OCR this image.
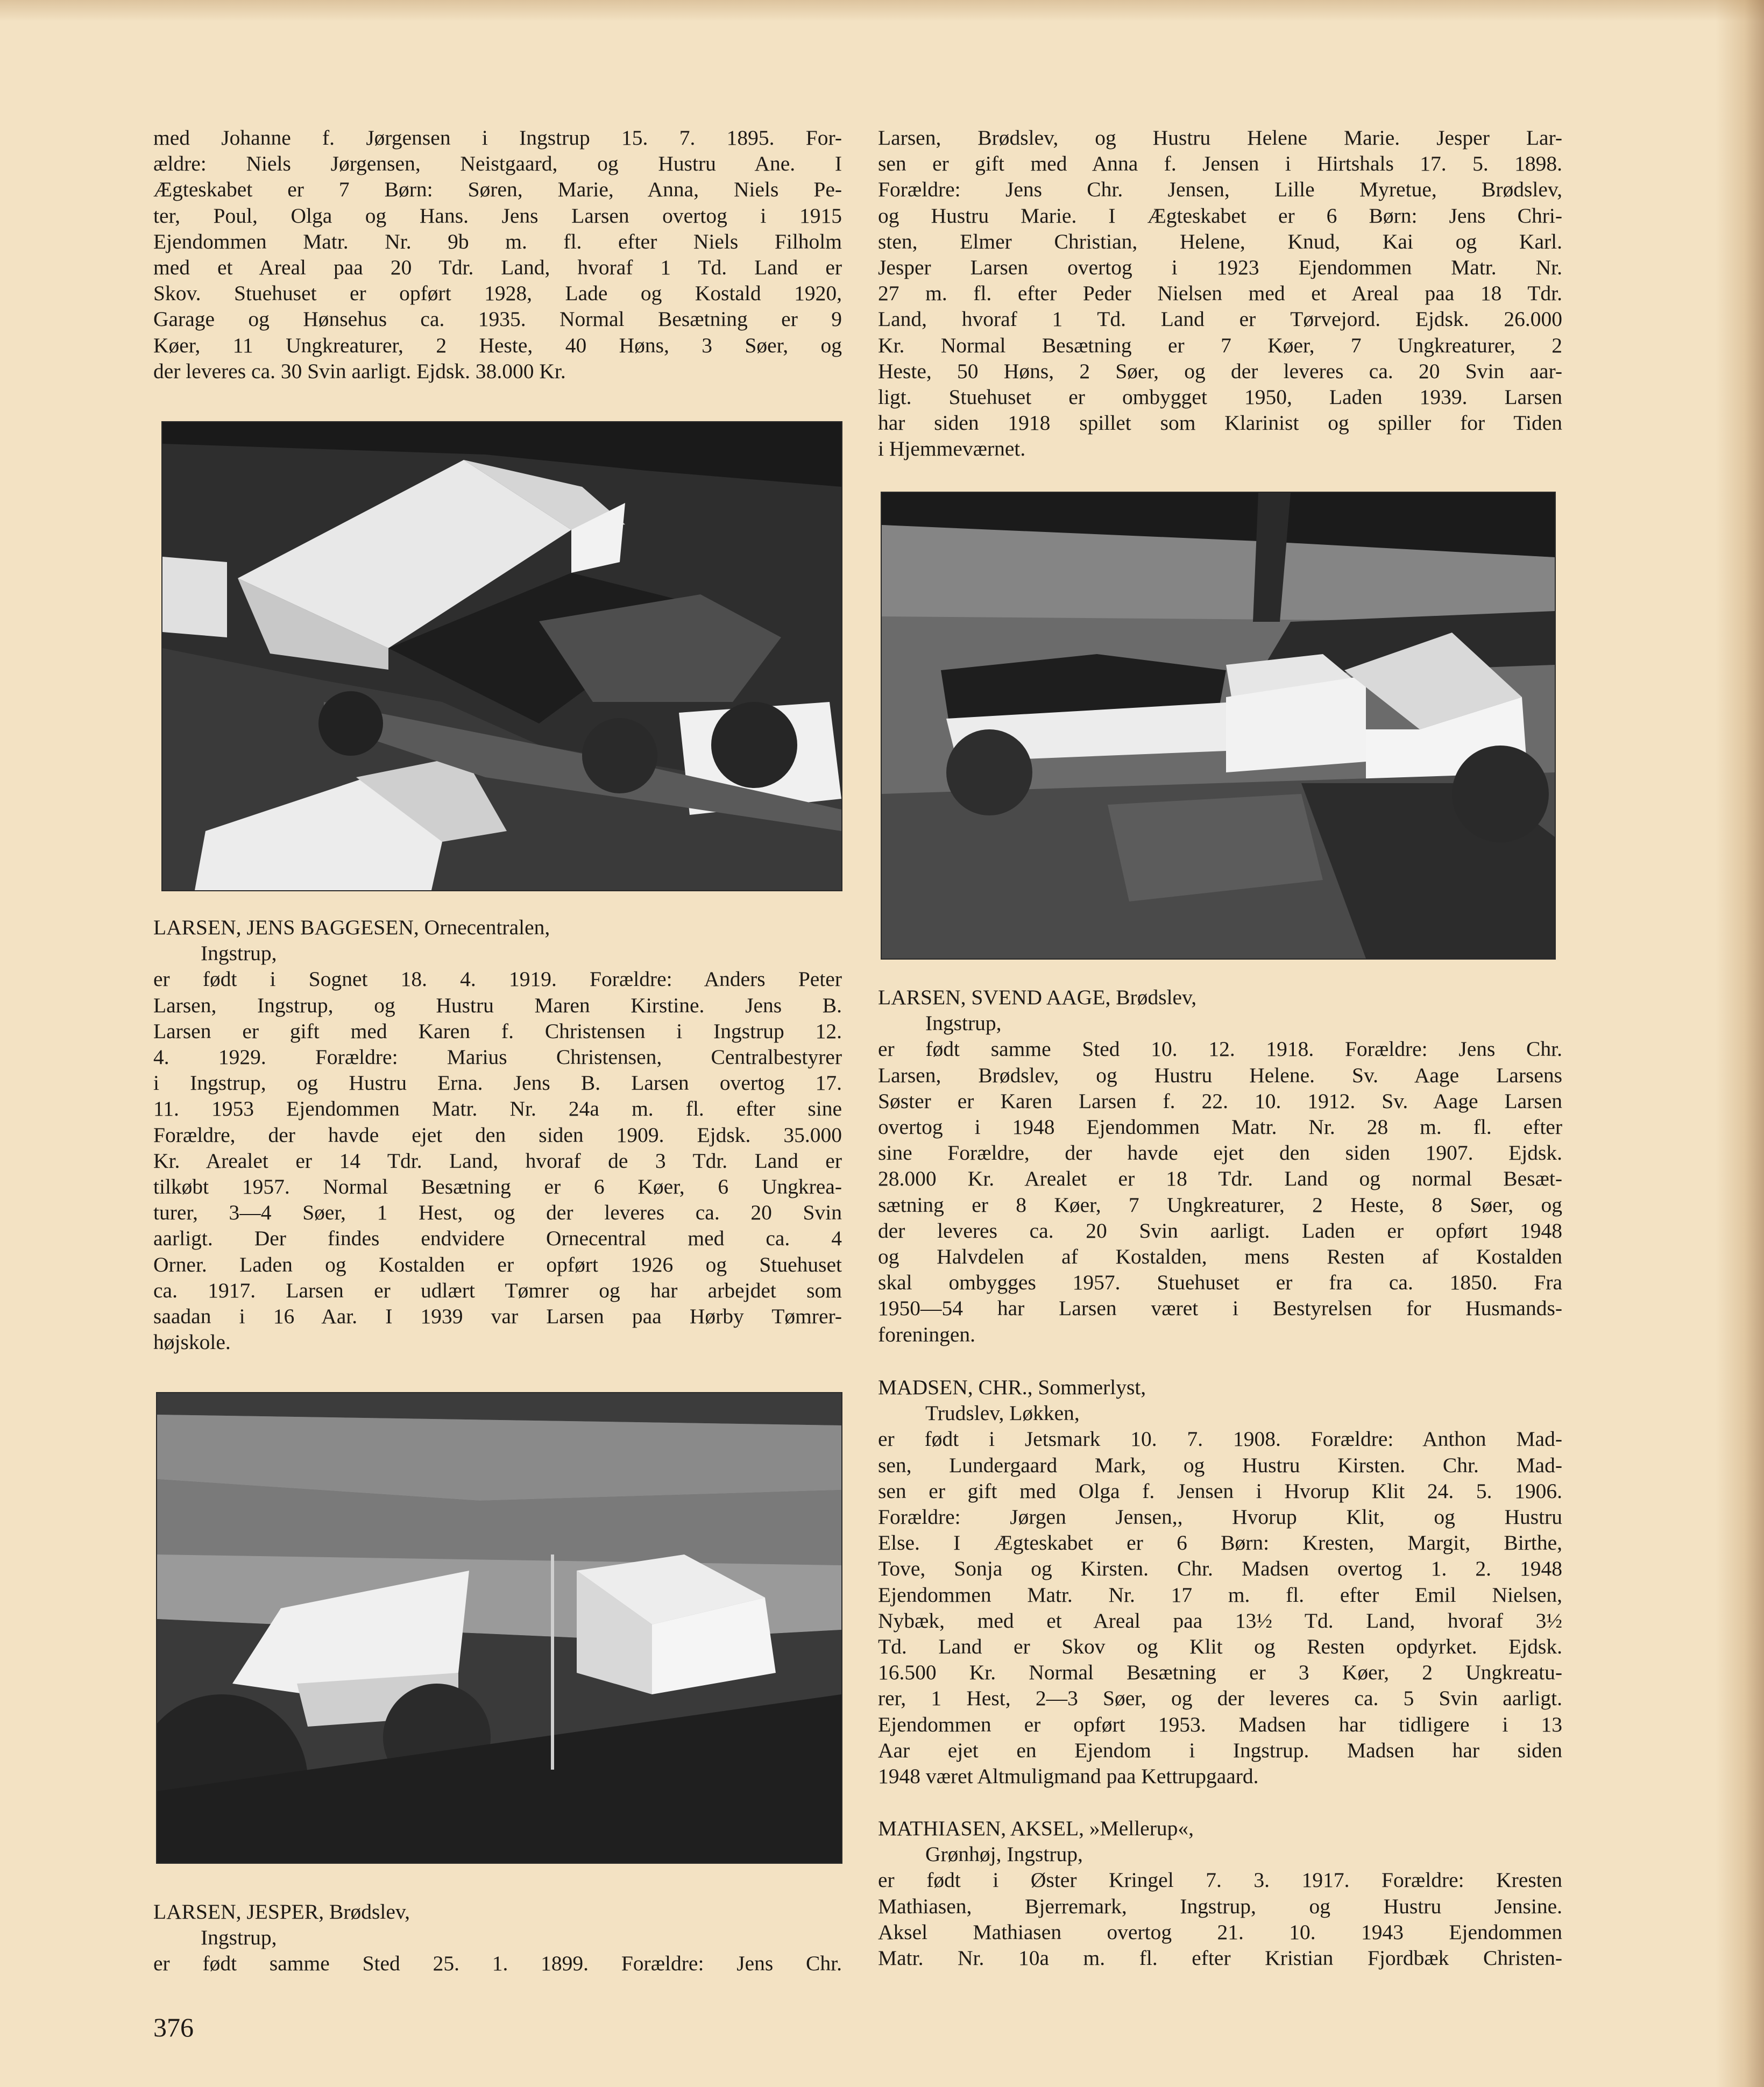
med Johanne f. Jørgensen i Ingstrup 15. 7. 1895. For-
ældre: Niels Jørgensen, Neistgaard, og Hustru Ane. I
Ægteskabet er 7 Børn: Søren, Marie, Anna, Niels Pe-
ter, Poul, Olga og Hans. Jens Larsen overtog i 1915
Ejendommen Matr. Nr. 9b m. fl. efter Niels Filholm
med et Areal paa 20 Tdr. Land, hvoraf 1 Td. Land er
Skov. Stuehuset er opført 1928, Lade og Kostald 1920,
Garage og Hønsehus ca. 1935. Normal Besætning er 9
Køer, 11 Ungkreaturer, 2 Heste, 40 Høns, 3 Søer, og
der leveres ca. 30 Svin aarligt. Ejdsk. 38.000 Kr.

LARSEN, JENS BAGGESEN, Ornecentralen,
Ingstrup,

er født i Sognet 18. 4. 1919. Forældre: Anders Peter
Larsen, Ingstrup, og Hustru Maren Kirstine. Jens B.
Larsen er gift med Karen f. Christensen i Ingstrup 12.
4. 1929. Forældre: Marius Christensen, Centralbestyrer
i Ingstrup, og Hustru Erna. Jens B. Larsen overtog 17.
11. 1953 Ejendommen Matr. Nr. 24a m. fl. efter sine
Forældre, der havde ejet den siden 1909. Ejdsk. 35.000
Kr. Arealet er 14 Tdr. Land, hvoraf de 3 Tdr. Land er
tilkøbt 1957. Normal Besætning er 6 Køer, 6 Ungkrea-
turer, 3—4 Søer, 1 Hest, og der leveres ca. 20 Svin
aarligt. Der findes endvidere Ornecentral med ca. 4
Orner. Laden og Kostalden er opført 1926 og Stuehuset
ca. 1917. Larsen er udlært Tømrer og har arbejdet som
saadan i 16 Aar. I 1939 var Larsen paa Hørby Tømrer-
højskole.

LARSEN, JESPER, Brødslev,
Ingstrup,

er født samme Sted 25. 1. 1899. Forældre: Jens Chr.

Larsen, Brødslev, og Hustru Helene Marie. Jesper Lar-
sen er gift med Anna f. Jensen i Hirtshals 17. 5. 1898.
Forældre: Jens Chr. Jensen, Lille Myretue, Brødslev,
og Hustru Marie. I Ægteskabet er 6 Børn: Jens Chri-
sten, Elmer Christian, Helene, Knud, Kai og Karl.
Jesper Larsen overtog i 1923 Ejendommen Matr. Nr.
27 m. fl. efter Peder Nielsen med et Areal paa 18 Tdr.
Land, hvoraf 1 Td. Land er Tørvejord. Ejdsk. 26.000
Kr. Normal Besætning er 7 Køer, 7 Ungkreaturer, 2
Heste, 50 Høns, 2 Søer, og der leveres ca. 20 Svin aar-
ligt. Stuehuset er ombygget 1950, Laden 1939. Larsen
har siden 1918 spillet som Klarinist og spiller for Tiden
i Hjemmeværnet.

LARSEN, SVEND AAGE, Brødslev,
Ingstrup,

er født samme Sted 10. 12. 1918. Forældre: Jens Chr.
Larsen, Brødslev, og Hustru Helene. Sv. Aage Larsens
Søster er Karen Larsen f. 22. 10. 1912. Sv. Aage Larsen
overtog i 1948 Ejendommen Matr. Nr. 28 m. fl. efter
sine Forældre, der havde ejet den siden 1907. Ejdsk.
28.000 Kr. Arealet er 18 Tdr. Land og normal Besæt-
sætning er 8 Køer, 7 Ungkreaturer, 2 Heste, 8 Søer, og
der leveres ca. 20 Svin aarligt. Laden er opført 1948
og Halvdelen af Kostalden, mens Resten af Kostalden
skal ombygges 1957. Stuehuset er fra ca. 1850. Fra
1950—54 har Larsen været i Bestyrelsen for Husmands-
foreningen.

MADSEN, CHR., Sommerlyst,
Trudslev, Løkken,

er født i Jetsmark 10. 7. 1908. Forældre: Anthon Mad-
sen, Lundergaard Mark, og Hustru Kirsten. Chr. Mad-
sen er gift med Olga f. Jensen i Hvorup Klit 24. 5. 1906.
Forældre: Jørgen Jensen,, Hvorup Klit, og Hustru
Else. I Ægteskabet er 6 Børn: Kresten, Margit, Birthe,
Tove, Sonja og Kirsten. Chr. Madsen overtog 1. 2. 1948
Ejendommen Matr. Nr. 17 m. fl. efter Emil Nielsen,
Nybæk, med et Areal paa 13½ Td. Land, hvoraf 3½
Td. Land er Skov og Klit og Resten opdyrket. Ejdsk.
16.500 Kr. Normal Besætning er 3 Køer, 2 Ungkreatu-
rer, 1 Hest, 2—3 Søer, og der leveres ca. 5 Svin aarligt.
Ejendommen er opført 1953. Madsen har tidligere i 13
Aar ejet en Ejendom i Ingstrup. Madsen har siden
1948 været Altmuligmand paa Kettrupgaard.

MATHIASEN, AKSEL, »Mellerup«,
Grønhøj, Ingstrup,

er født i Øster Kringel 7. 3. 1917. Forældre: Kresten
Mathiasen, Bjerremark, Ingstrup, og Hustru Jensine.
Aksel Mathiasen overtog 21. 10. 1943 Ejendommen
Matr. Nr. 10a m. fl. efter Kristian Fjordbæk Christen-

376
